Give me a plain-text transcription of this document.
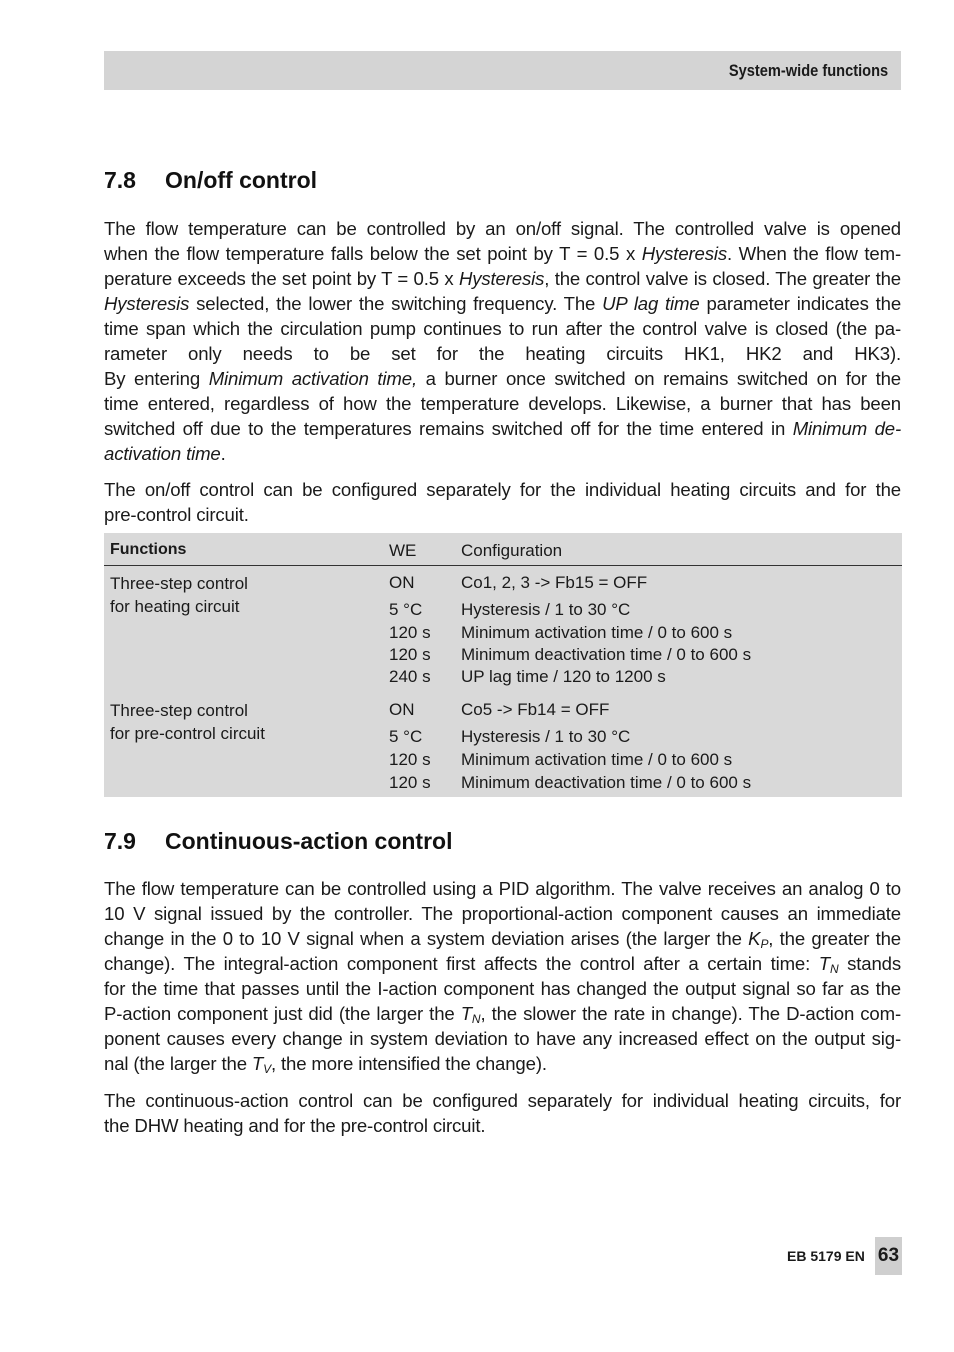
System-wide functions
7.8 On/off control
The flow temperature can be controlled by an on/off signal. The controlled valve is opened
when the flow temperature falls below the set point by T = 0.5 x Hysteresis. When the flow tem-
perature exceeds the set point by T = 0.5 x Hysteresis, the control valve is closed. The greater the
Hysteresis selected, the lower the switching frequency. The UP lag time parameter indicates the
time span which the circulation pump continues to run after the control valve is closed (the pa-
rameter only needs to be set for the heating circuits HK1, HK2 and HK3).
By entering Minimum activation time, a burner once switched on remains switched on for the
time entered, regardless of how the temperature develops. Likewise, a burner that has been
switched off due to the temperatures remains switched off for the time entered in Minimum de-
activation time.
The on/off control can be configured separately for the individual heating circuits and for the
pre-control circuit.
Functions	WE	Configuration
Three-step control
for heating circuit
ON	Co1, 2, 3 -> Fb15 = OFF
5 °C Hysteresis / 1 to 30 °C
120 s Minimum activation time / 0 to 600 s
120 s Minimum deactivation time / 0 to 600 s
240 s UP lag time / 120 to 1200 s
Three-step control
for pre-control circuit
ON	Co5 -> Fb14 = OFF
5 °C Hysteresis / 1 to 30 °C
120 s Minimum activation time / 0 to 600 s
120 s Minimum deactivation time / 0 to 600 s
7.9 Continuous-action control
The flow temperature can be controlled using a PID algorithm. The valve receives an analog 0 to
10 V signal issued by the controller. The proportional-action component causes an immediate
change in the 0 to 10 V signal when a system deviation arises (the larger the $K_P$, the greater the
change). The integral-action component first affects the control after a certain time: $T_N$ stands
for the time that passes until the I-action component has changed the output signal so far as the
P-action component just did (the larger the $T_N$, the slower the rate in change). The D-action com-
ponent causes every change in system deviation to have any increased effect on the output sig-
nal (the larger the $T_V$, the more intensified the change).
The continuous-action control can be configured separately for individual heating circuits, for
the DHW heating and for the pre-control circuit.
EB 5179 EN 63
